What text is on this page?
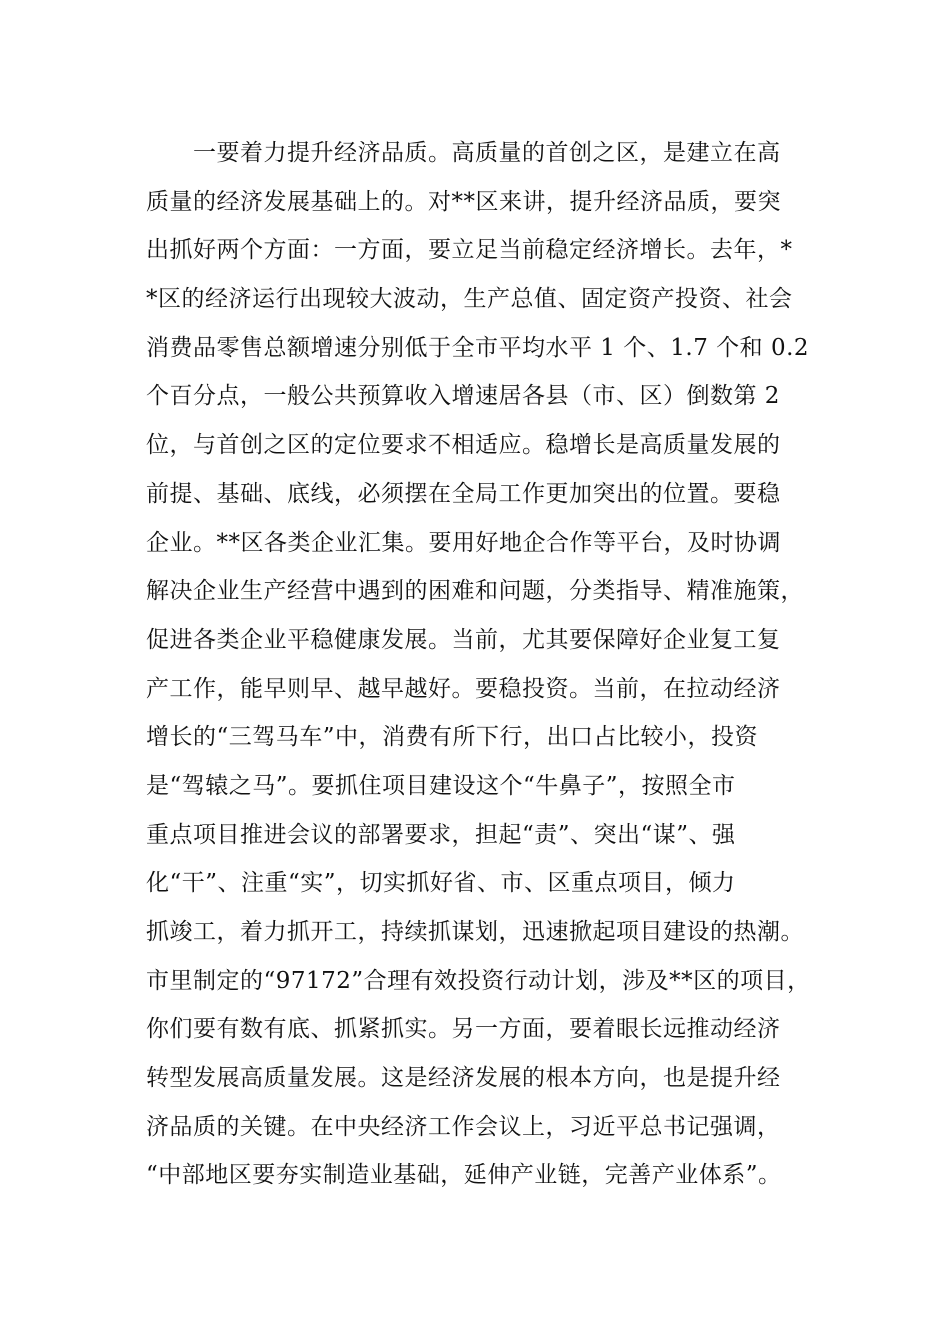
　　一要着力提升经济品质。高质量的首创之区，是建立在高
质量的经济发展基础上的。对**区来讲，提升经济品质，要突
出抓好两个方面：一方面，要立足当前稳定经济增长。去年，*
*区的经济运行出现较大波动，生产总值、固定资产投资、社会
消费品零售总额增速分别低于全市平均水平 1 个、1.7 个和 0.2
个百分点，一般公共预算收入增速居各县（市、区）倒数第 2
位，与首创之区的定位要求不相适应。稳增长是高质量发展的
前提、基础、底线，必须摆在全局工作更加突出的位置。要稳
企业。**区各类企业汇集。要用好地企合作等平台，及时协调
解决企业生产经营中遇到的困难和问题，分类指导、精准施策，
促进各类企业平稳健康发展。当前，尤其要保障好企业复工复
产工作，能早则早、越早越好。要稳投资。当前，在拉动经济
增长的“三驾马车”中，消费有所下行，出口占比较小，投资
是“驾辕之马”。要抓住项目建设这个“牛鼻子”，按照全市
重点项目推进会议的部署要求，担起“责”、突出“谋”、强
化“干”、注重“实”，切实抓好省、市、区重点项目，倾力
抓竣工，着力抓开工，持续抓谋划，迅速掀起项目建设的热潮。
市里制定的“97172”合理有效投资行动计划，涉及**区的项目，
你们要有数有底、抓紧抓实。另一方面，要着眼长远推动经济
转型发展高质量发展。这是经济发展的根本方向，也是提升经
济品质的关键。在中央经济工作会议上，习近平总书记强调，
“中部地区要夯实制造业基础，延伸产业链，完善产业体系”。
